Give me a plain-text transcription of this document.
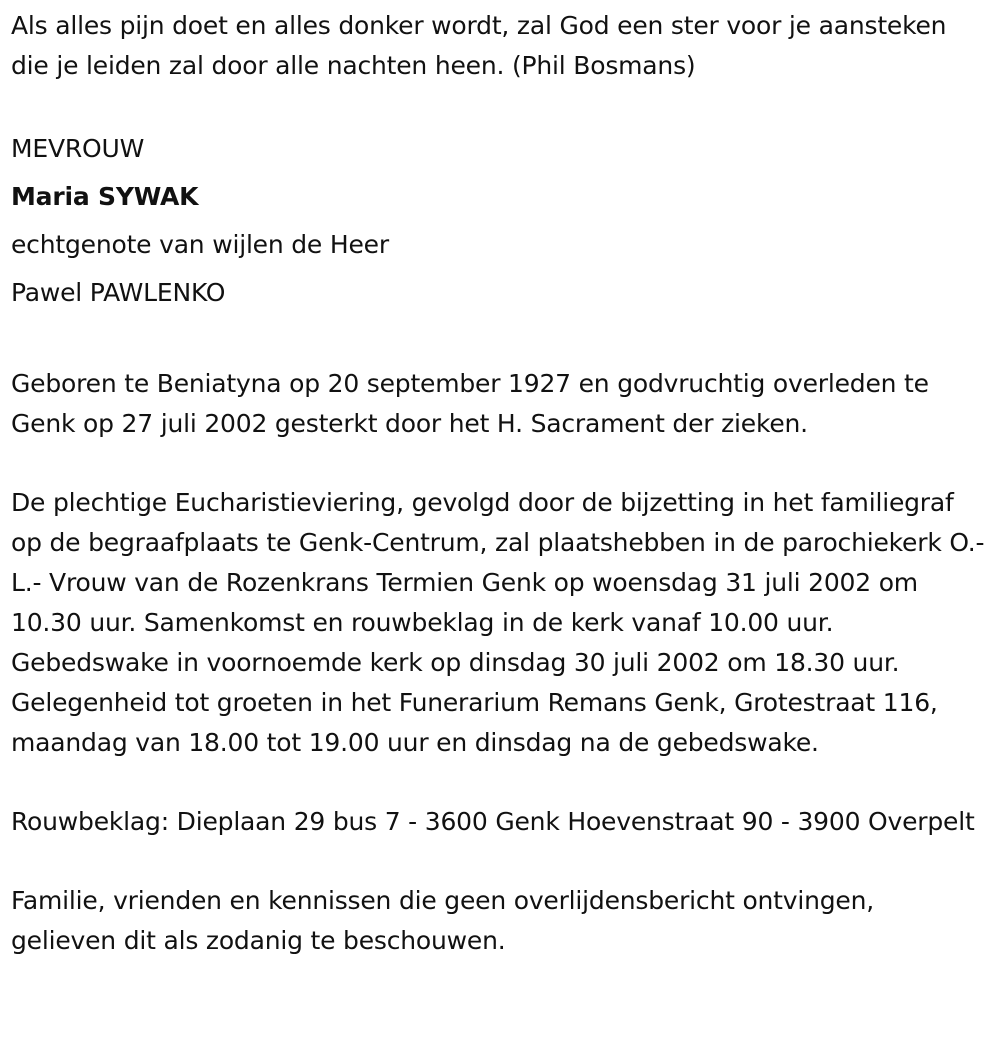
Als alles pijn doet en alles donker wordt, zal God een ster voor je aansteken die je leiden zal door alle nachten heen. (Phil Bosmans)

MEVROUW
Maria SYWAK
echtgenote van wijlen de Heer
Pawel PAWLENKO

Geboren te Beniatyna op 20 september 1927 en godvruchtig overleden te Genk op 27 juli 2002 gesterkt door het H. Sacrament der zieken.

De plechtige Eucharistieviering, gevolgd door de bijzetting in het familiegraf op de begraafplaats te Genk-Centrum, zal plaatshebben in de parochiekerk O.- L.- Vrouw van de Rozenkrans Termien Genk op woensdag 31 juli 2002 om 10.30 uur. Samenkomst en rouwbeklag in de kerk vanaf 10.00 uur. Gebedswake in voornoemde kerk op dinsdag 30 juli 2002 om 18.30 uur. Gelegenheid tot groeten in het Funerarium Remans Genk, Grotestraat 116, maandag van 18.00 tot 19.00 uur en dinsdag na de gebedswake.

Rouwbeklag: Dieplaan 29 bus 7 - 3600 Genk Hoevenstraat 90 - 3900 Overpelt

Familie, vrienden en kennissen die geen overlijdensbericht ontvingen, gelieven dit als zodanig te beschouwen.
